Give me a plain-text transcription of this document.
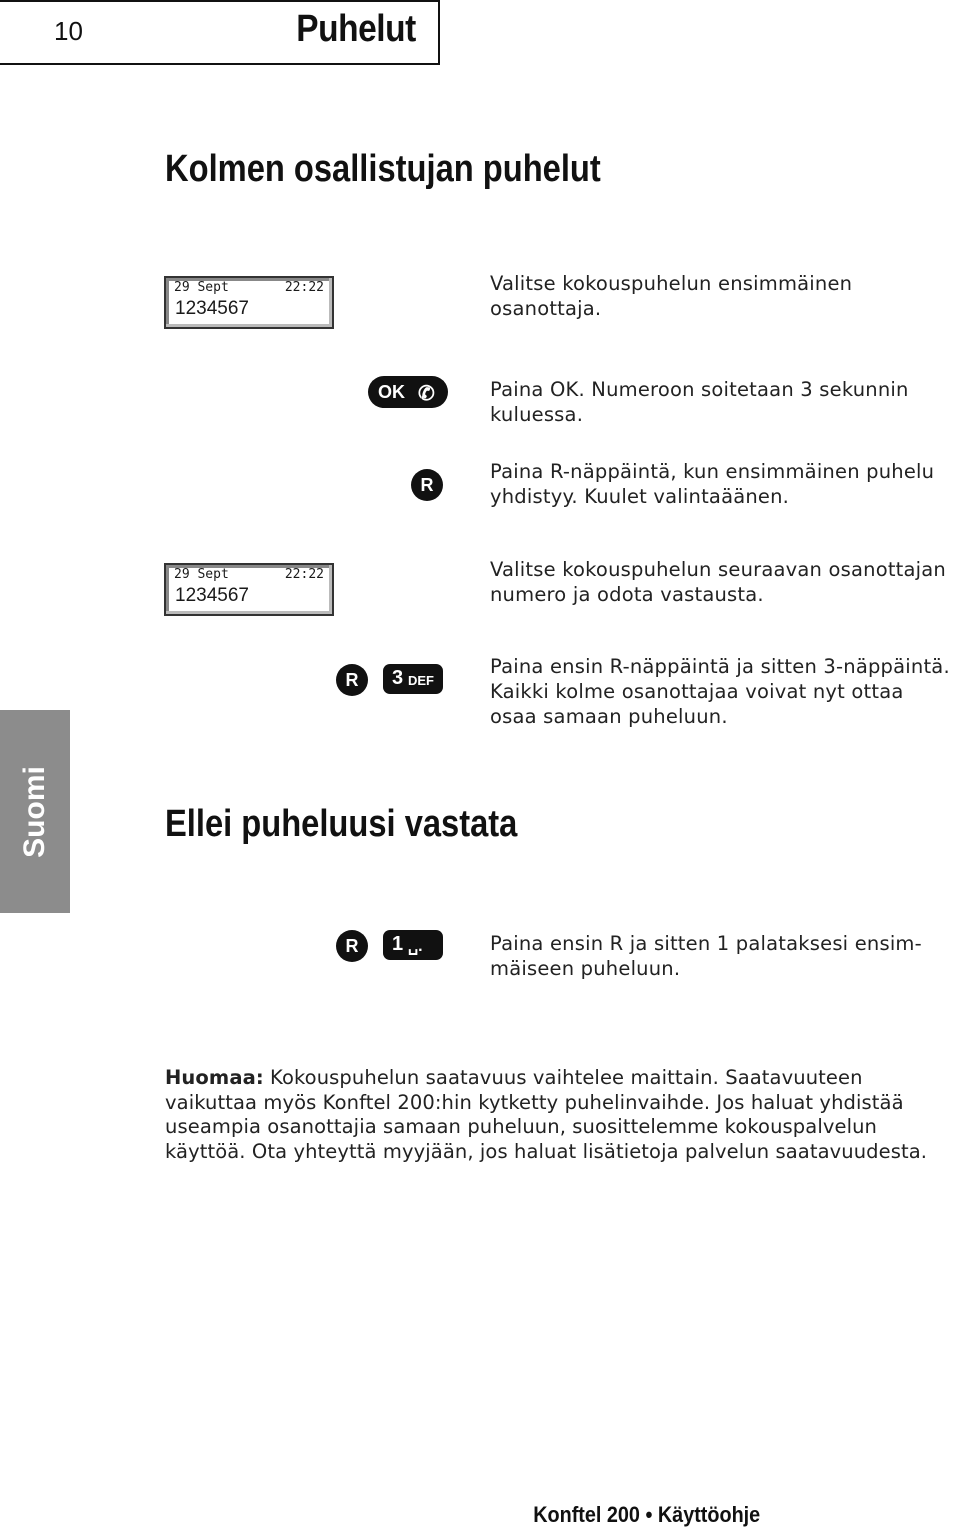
10	Puhelut
Kolmen osallistujan puhelut
29 Sept	22:22
1234567
Valitse kokouspuhelun ensimmäinen osanottaja.
OK ✆	Paina OK. Numeroon soitetaan 3 sekunnin kuluessa.
R
Paina R-näppäintä, kun ensimmäinen puhelu yhdistyy. Kuulet valintaäänen.
29 Sept	22:22
1234567
Valitse kokouspuhelun seuraavan osanottajan numero ja odota vastausta.
R	3 DEF
Paina ensin R-näppäintä ja sitten 3-näppäintä. Kaikki kolme osanottajaa voivat nyt ottaa osaa samaan puheluun.
Suomi	Ellei puheluusi vastata
R	1 ␣.	Paina ensin R ja sitten 1 palataksesi ensim-mäiseen puheluun.
Huomaa: Kokouspuhelun saatavuus vaihtelee maittain. Saatavuuteen vaikuttaa myös Konftel 200:hin kytketty puhelinvaihde. Jos haluat yhdistää useampia osanottajia samaan puheluun, suosittelemme kokouspalvelun käyttöä. Ota yhteyttä myyjään, jos haluat lisätietoja palvelun saatavuudesta.
Konftel 200 • Käyttöohje
